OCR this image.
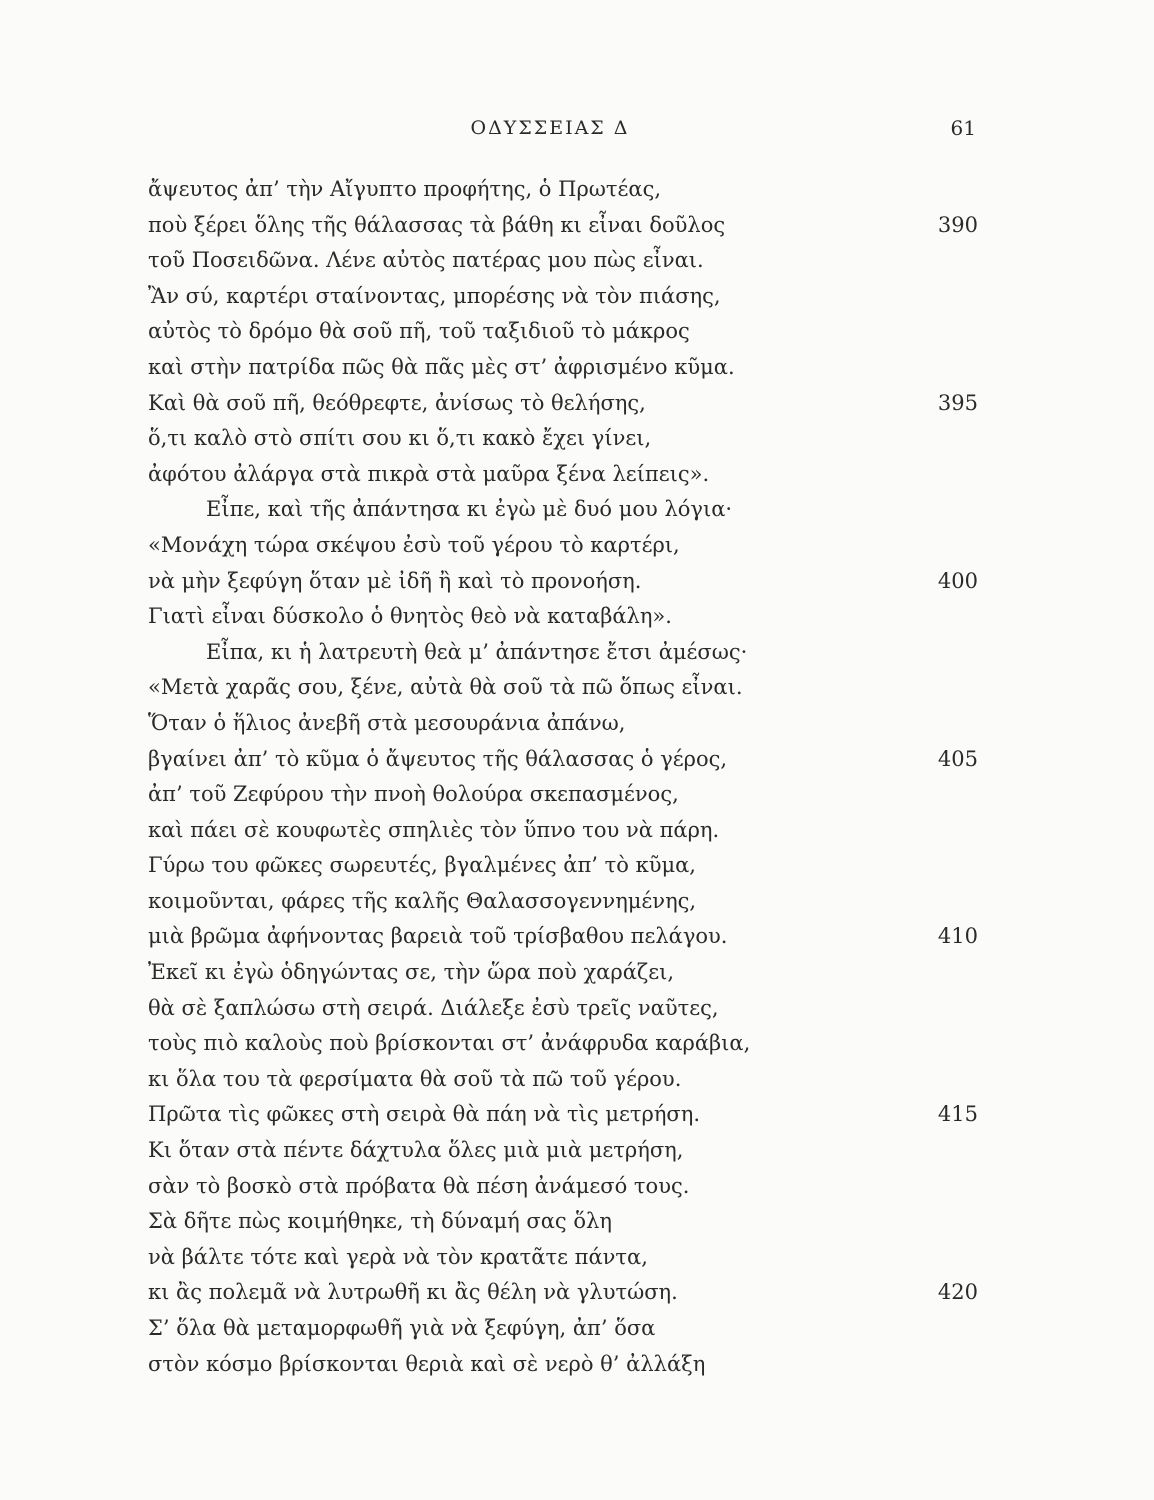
ΟΔΥΣΣΕΙΑΣ Δ	61
ἄψευτος ἀπ’ τὴν Αἴγυπτο προφήτης, ὁ Πρωτέας,
ποὺ ξέρει ὅλης τῆς θάλασσας τὰ βάθη κι εἶναι δοῦλος	390
τοῦ Ποσειδῶνα. Λένε αὐτὸς πατέρας μου πὼς εἶναι.
Ἂν σύ, καρτέρι σταίνοντας, μπορέσης νὰ τὸν πιάσης,
αὐτὸς τὸ δρόμο θὰ σοῦ πῆ, τοῦ ταξιδιοῦ τὸ μάκρος
καὶ στὴν πατρίδα πῶς θὰ πᾶς μὲς στ’ ἀφρισμένο κῦμα.
Καὶ θὰ σοῦ πῆ, θεόθρεφτε, ἀνίσως τὸ θελήσης,	395
ὅ,τι καλὸ στὸ σπίτι σου κι ὅ,τι κακὸ ἔχει γίνει,
ἀφότου ἀλάργα στὰ πικρὰ στὰ μαῦρα ξένα λείπεις».
Εἶπε, καὶ τῆς ἀπάντησα κι ἐγὼ μὲ δυό μου λόγια·
«Μονάχη τώρα σκέψου ἐσὺ τοῦ γέρου τὸ καρτέρι,
νὰ μὴν ξεφύγη ὅταν μὲ ἰδῆ ἢ καὶ τὸ προνοήση.	400
Γιατὶ εἶναι δύσκολο ὁ θνητὸς θεὸ νὰ καταβάλη».
Εἶπα, κι ἡ λατρευτὴ θεὰ μ’ ἀπάντησε ἔτσι ἀμέσως·
«Μετὰ χαρᾶς σου, ξένε, αὐτὰ θὰ σοῦ τὰ πῶ ὅπως εἶναι.
Ὅταν ὁ ἥλιος ἀνεβῆ στὰ μεσουράνια ἀπάνω,
βγαίνει ἀπ’ τὸ κῦμα ὁ ἄψευτος τῆς θάλασσας ὁ γέρος,	405
ἀπ’ τοῦ Ζεφύρου τὴν πνοὴ θολούρα σκεπασμένος,
καὶ πάει σὲ κουφωτὲς σπηλιὲς τὸν ὕπνο του νὰ πάρη.
Γύρω του φῶκες σωρευτές, βγαλμένες ἀπ’ τὸ κῦμα,
κοιμοῦνται, φάρες τῆς καλῆς Θαλασσογεννημένης,
μιὰ βρῶμα ἀφήνοντας βαρειὰ τοῦ τρίσβαθου πελάγου.	410
Ἐκεῖ κι ἐγὼ ὁδηγώντας σε, τὴν ὥρα ποὺ χαράζει,
θὰ σὲ ξαπλώσω στὴ σειρά. Διάλεξε ἐσὺ τρεῖς ναῦτες,
τοὺς πιὸ καλοὺς ποὺ βρίσκονται στ’ ἀνάφρυδα καράβια,
κι ὅλα του τὰ φερσίματα θὰ σοῦ τὰ πῶ τοῦ γέρου.
Πρῶτα τὶς φῶκες στὴ σειρὰ θὰ πάη νὰ τὶς μετρήση.	415
Κι ὅταν στὰ πέντε δάχτυλα ὅλες μιὰ μιὰ μετρήση,
σὰν τὸ βοσκὸ στὰ πρόβατα θὰ πέση ἀνάμεσό τους.
Σὰ δῆτε πὼς κοιμήθηκε, τὴ δύναμή σας ὅλη
νὰ βάλτε τότε καὶ γερὰ νὰ τὸν κρατᾶτε πάντα,
κι ἂς πολεμᾶ νὰ λυτρωθῆ κι ἂς θέλη νὰ γλυτώση.	420
Σ’ ὅλα θὰ μεταμορφωθῆ γιὰ νὰ ξεφύγη, ἀπ’ ὅσα
στὸν κόσμο βρίσκονται θεριὰ καὶ σὲ νερὸ θ’ ἀλλάξη
